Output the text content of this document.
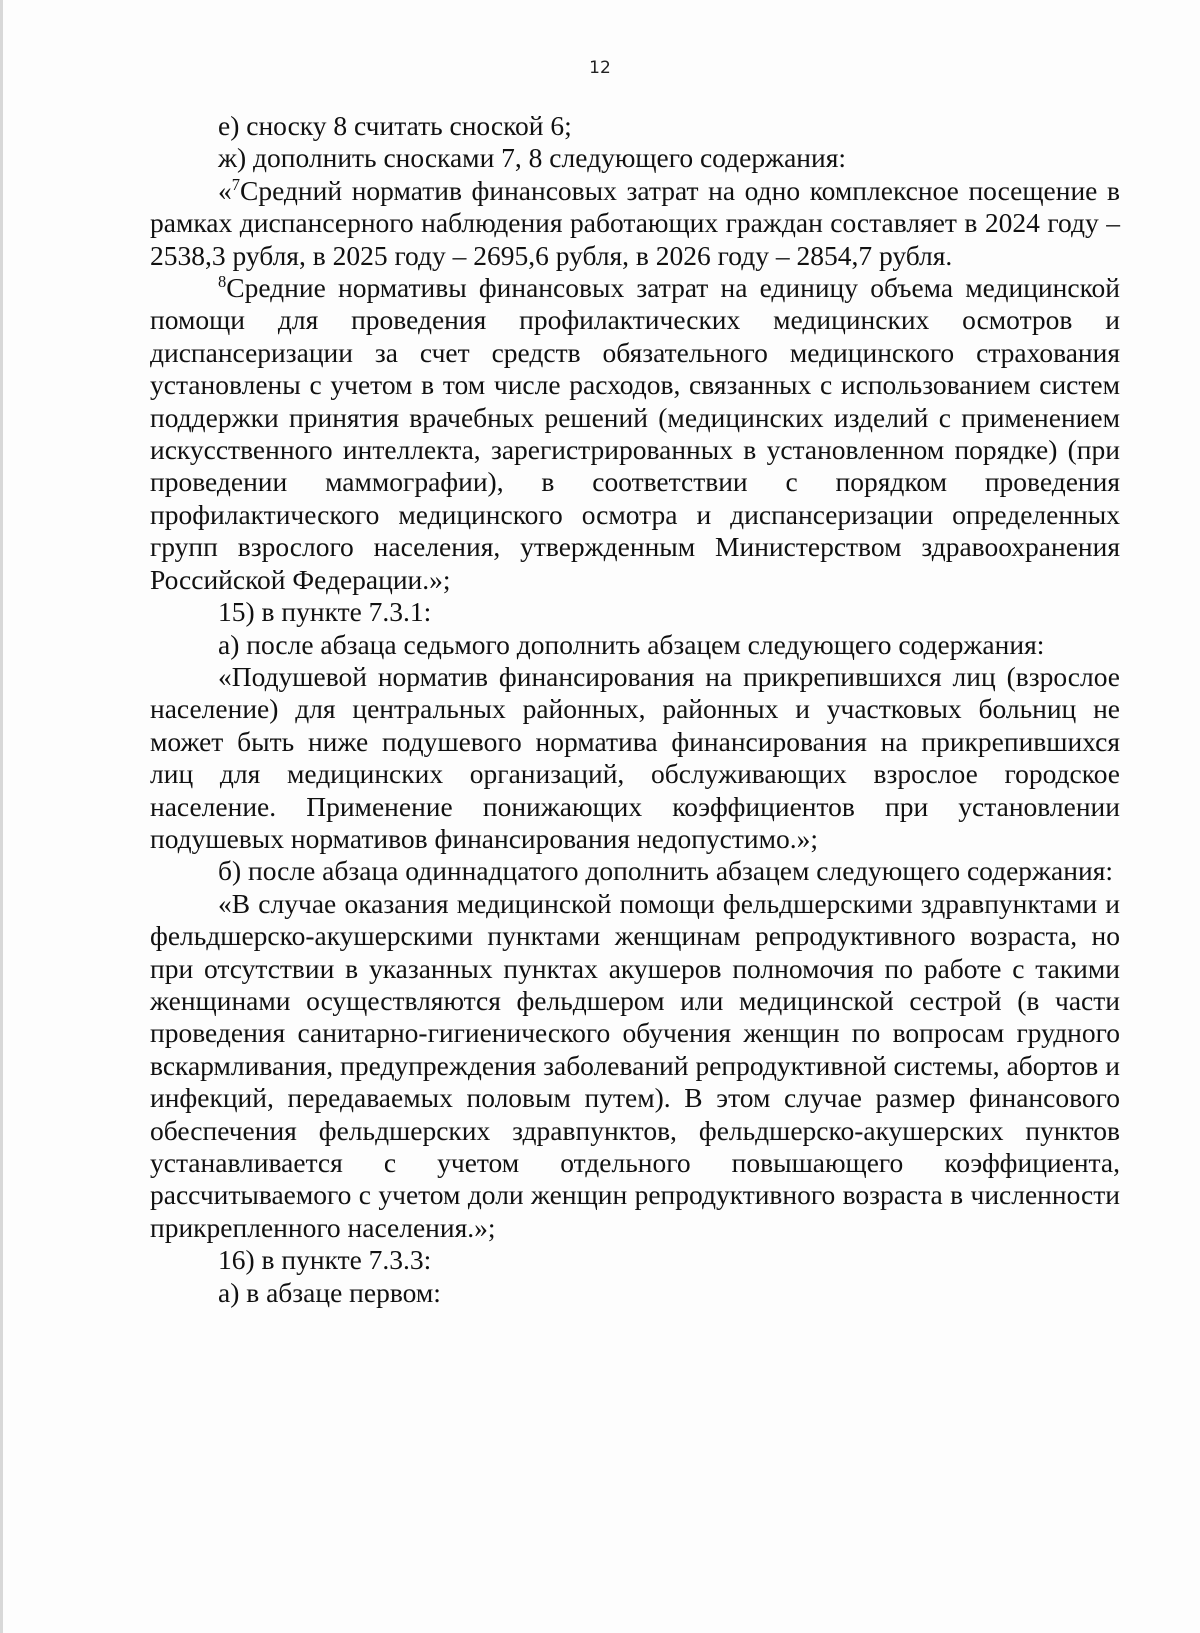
12

е) сноску 8 считать сноской 6;

ж) дополнить сносками 7, 8 следующего содержания:

«$^7$Средний норматив финансовых затрат на одно комплексное посещение в рамках диспансерного наблюдения работающих граждан составляет в 2024 году – 2538,3 рубля, в 2025 году – 2695,6 рубля, в 2026 году – 2854,7 рубля.

$^8$Средние нормативы финансовых затрат на единицу объема медицинской помощи для проведения профилактических медицинских осмотров и диспансеризации за счет средств обязательного медицинского страхования установлены с учетом в том числе расходов, связанных с использованием систем поддержки принятия врачебных решений (медицинских изделий с применением искусственного интеллекта, зарегистрированных в установленном порядке) (при проведении маммографии), в соответствии с порядком проведения профилактического медицинского осмотра и диспансеризации определенных групп взрослого населения, утвержденным Министерством здравоохранения Российской Федерации.»;

15) в пункте 7.3.1:

а) после абзаца седьмого дополнить абзацем следующего содержания:

«Подушевой норматив финансирования на прикрепившихся лиц (взрослое население) для центральных районных, районных и участковых больниц не может быть ниже подушевого норматива финансирования на прикрепившихся лиц для медицинских организаций, обслуживающих взрослое городское население. Применение понижающих коэффициентов при установлении подушевых нормативов финансирования недопустимо.»;

б) после абзаца одиннадцатого дополнить абзацем следующего содержания:

«В случае оказания медицинской помощи фельдшерскими здравпунктами и фельдшерско-акушерскими пунктами женщинам репродуктивного возраста, но при отсутствии в указанных пунктах акушеров полномочия по работе с такими женщинами осуществляются фельдшером или медицинской сестрой (в части проведения санитарно-гигиенического обучения женщин по вопросам грудного вскармливания, предупреждения заболеваний репродуктивной системы, абортов и инфекций, передаваемых половым путем). В этом случае размер финансового обеспечения фельдшерских здравпунктов, фельдшерско-акушерских пунктов устанавливается с учетом отдельного повышающего коэффициента, рассчитываемого с учетом доли женщин репродуктивного возраста в численности прикрепленного населения.»;

16) в пункте 7.3.3:

а) в абзаце первом:
